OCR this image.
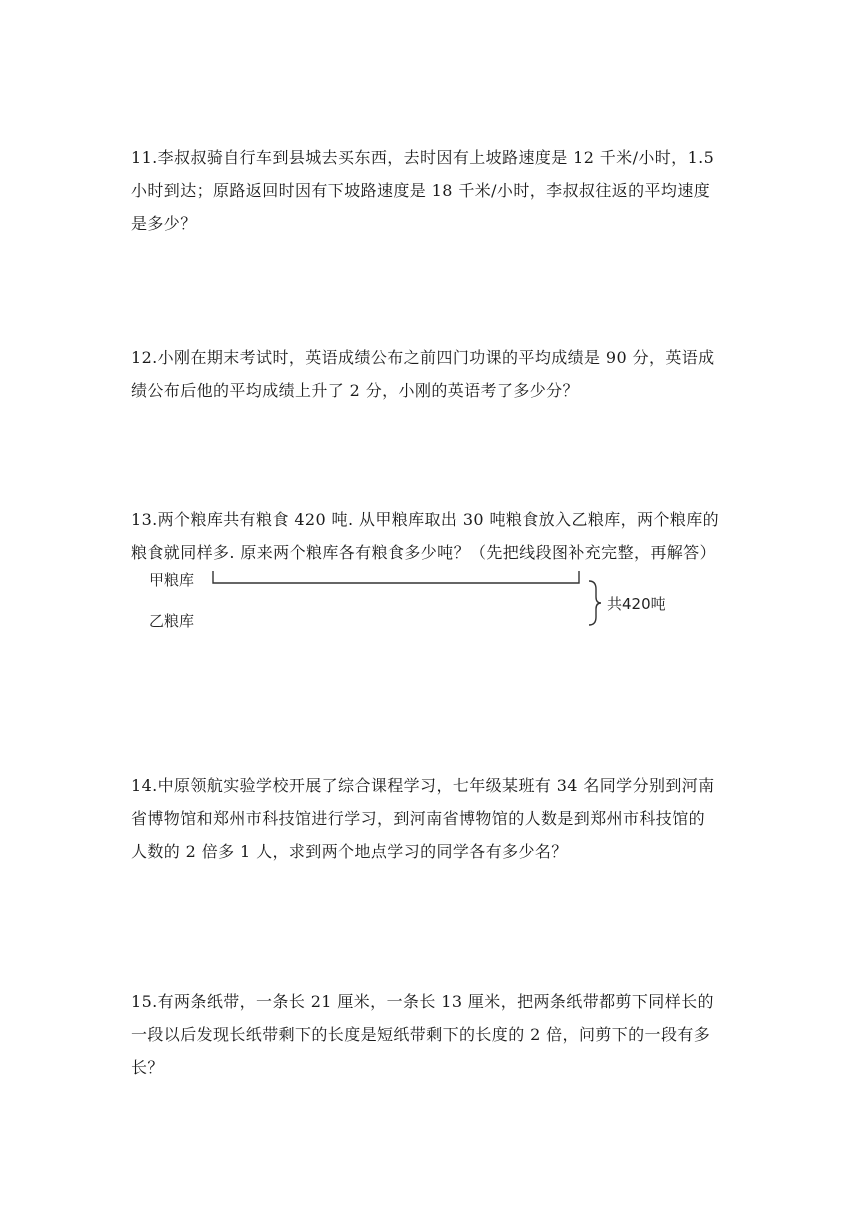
11.李叔叔骑自行车到县城去买东西，去时因有上坡路速度是 12 千米/小时，1.5
小时到达；原路返回时因有下坡路速度是 18 千米/小时，李叔叔往返的平均速度
是多少？
12.小刚在期末考试时，英语成绩公布之前四门功课的平均成绩是 90 分，英语成
绩公布后他的平均成绩上升了 2 分，小刚的英语考了多少分？
13.两个粮库共有粮食 420 吨. 从甲粮库取出 30 吨粮食放入乙粮库，两个粮库的
粮食就同样多. 原来两个粮库各有粮食多少吨？（先把线段图补充完整，再解答）
甲粮库
乙粮库
共420吨
14.中原领航实验学校开展了综合课程学习，七年级某班有 34 名同学分别到河南
省博物馆和郑州市科技馆进行学习，到河南省博物馆的人数是到郑州市科技馆的
人数的 2 倍多 1 人，求到两个地点学习的同学各有多少名？
15.有两条纸带，一条长 21 厘米，一条长 13 厘米，把两条纸带都剪下同样长的
一段以后发现长纸带剩下的长度是短纸带剩下的长度的 2 倍，问剪下的一段有多
长？
